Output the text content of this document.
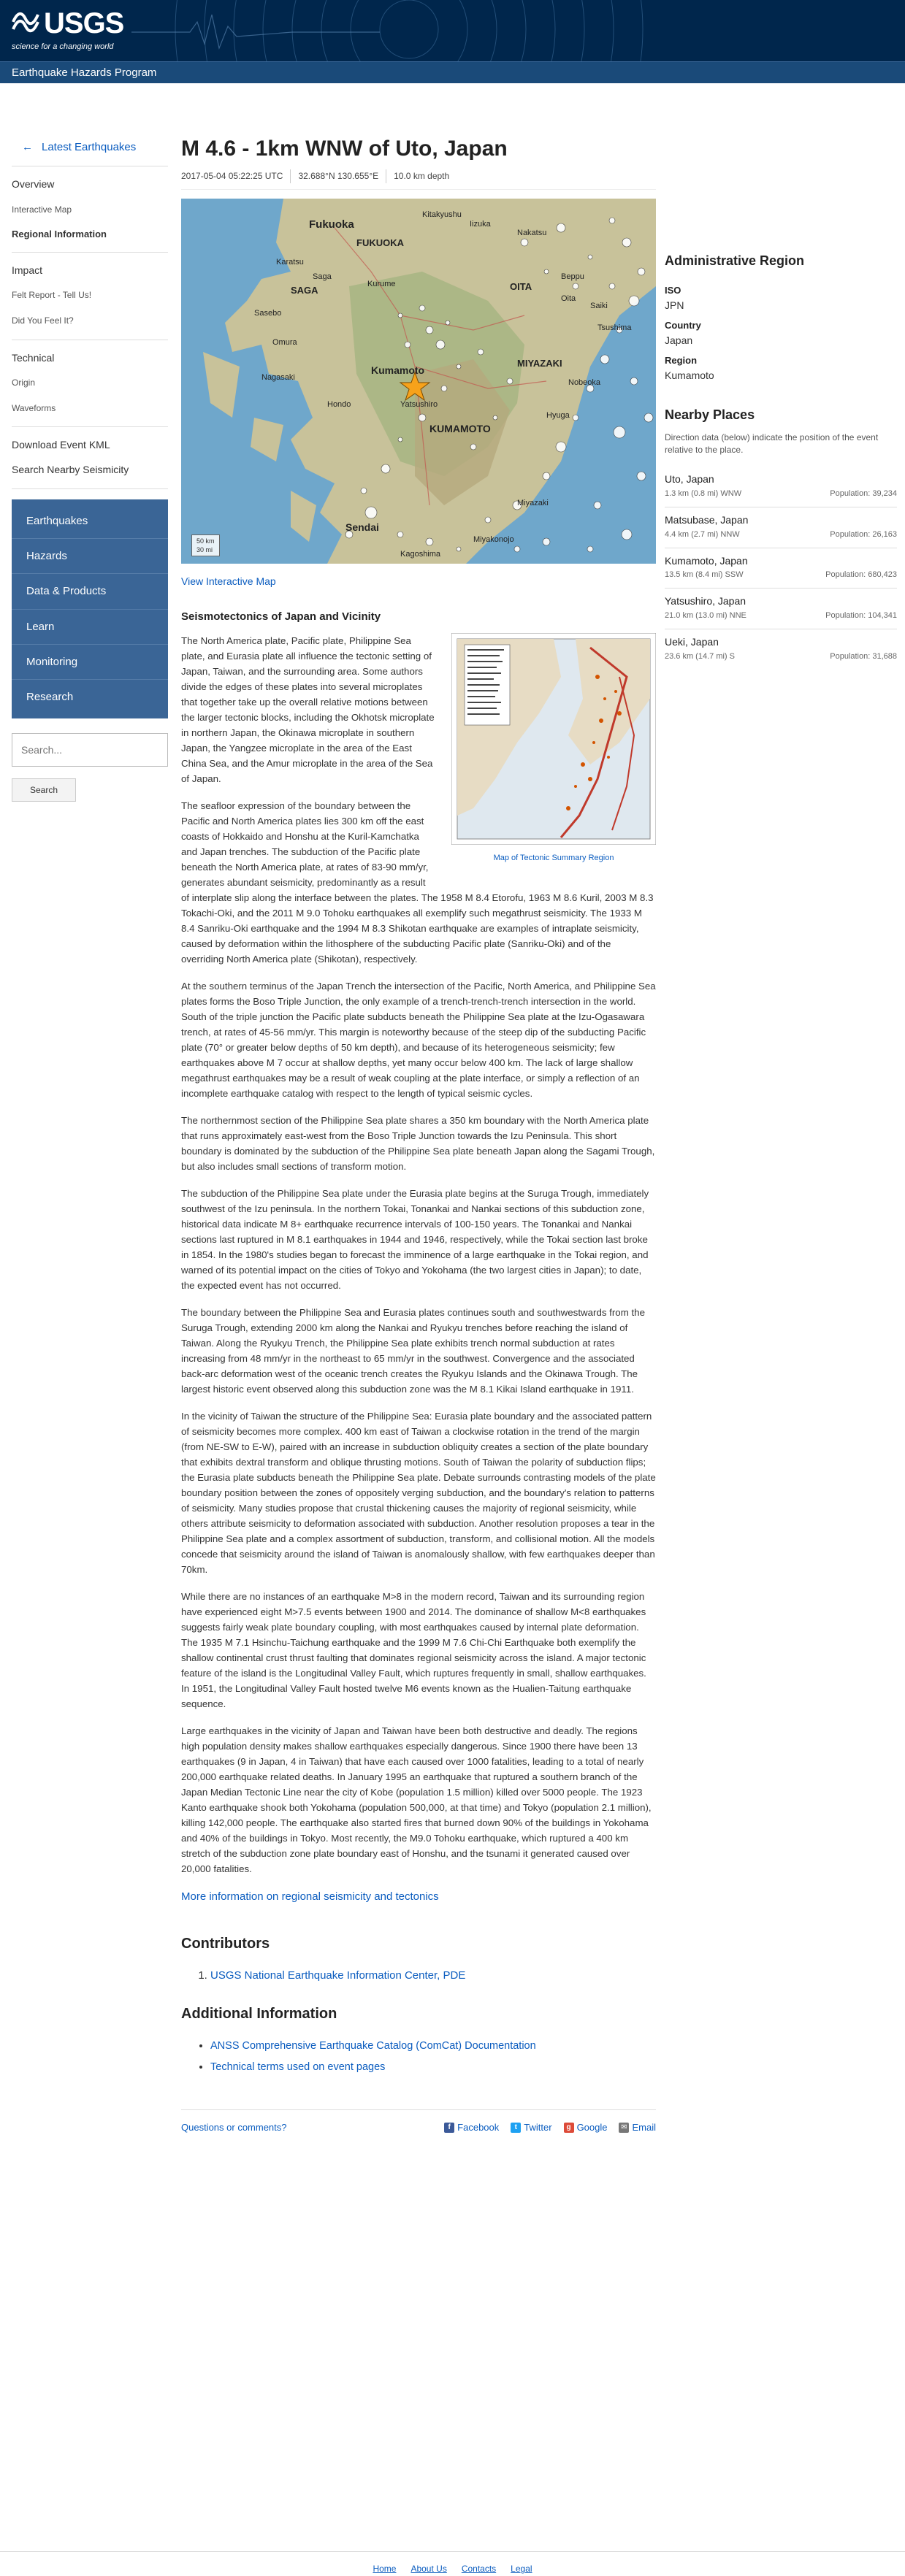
USGS
science for a changing world
Earthquake Hazards Program
← Latest Earthquakes
Overview
Interactive Map
Regional Information
Impact
Felt Report - Tell Us!
Did You Feel It?
Technical
Origin
Waveforms
Download Event KML
Search Nearby Seismicity
Earthquakes
Hazards
Data & Products
Learn
Monitoring
Research
Search... Search
M 4.6 - 1km WNW of Uto, Japan
2017-05-04 05:22:25 UTC	32.688°N 130.655°E	10.0 km depth
Fukuoka
Kitakyushu
Iizuka
Nakatsu
Karatsu
Saga
FUKUOKA
OITA
SAGA
Kurume
Beppu
Oita
Sasebo
Omura
Nagasaki
Kumamoto
KUMAMOTO
MIYAZAKI
Hondo	Yatsushiro
Sendai
Miyazaki
Nobeoka
Tsushima
Kagoshima
Miyakonojo
Saiki
Hyuga
50 km
30 mi
View Interactive Map
Seismotectonics of Japan and Vicinity
Map of Tectonic Summary Region

The North America plate, Pacific plate, Philippine Sea plate, and Eurasia plate all influence the tectonic setting of Japan, Taiwan, and the surrounding area. Some authors divide the edges of these plates into several microplates that together take up the overall relative motions between the larger tectonic blocks, including the Okhotsk microplate in northern Japan, the Okinawa microplate in southern Japan, the Yangzee microplate in the area of the East China Sea, and the Amur microplate in the area of the Sea of Japan.

The seafloor expression of the boundary between the Pacific and North America plates lies 300 km off the east coasts of Hokkaido and Honshu at the Kuril-Kamchatka and Japan trenches. The subduction of the Pacific plate beneath the North America plate, at rates of 83-90 mm/yr, generates abundant seismicity, predominantly as a result of interplate slip along the interface between the plates. The 1958 M 8.4 Etorofu, 1963 M 8.6 Kuril, 2003 M 8.3 Tokachi-Oki, and the 2011 M 9.0 Tohoku earthquakes all exemplify such megathrust seismicity. The 1933 M 8.4 Sanriku-Oki earthquake and the 1994 M 8.3 Shikotan earthquake are examples of intraplate seismicity, caused by deformation within the lithosphere of the subducting Pacific plate (Sanriku-Oki) and of the overriding North America plate (Shikotan), respectively.

At the southern terminus of the Japan Trench the intersection of the Pacific, North America, and Philippine Sea plates forms the Boso Triple Junction, the only example of a trench-trench-trench intersection in the world. South of the triple junction the Pacific plate subducts beneath the Philippine Sea plate at the Izu-Ogasawara trench, at rates of 45-56 mm/yr. This margin is noteworthy because of the steep dip of the subducting Pacific plate (70° or greater below depths of 50 km depth), and because of its heterogeneous seismicity; few earthquakes above M 7 occur at shallow depths, yet many occur below 400 km. The lack of large shallow megathrust earthquakes may be a result of weak coupling at the plate interface, or simply a reflection of an incomplete earthquake catalog with respect to the length of typical seismic cycles.

The northernmost section of the Philippine Sea plate shares a 350 km boundary with the North America plate that runs approximately east-west from the Boso Triple Junction towards the Izu Peninsula. This short boundary is dominated by the subduction of the Philippine Sea plate beneath Japan along the Sagami Trough, but also includes small sections of transform motion.

The subduction of the Philippine Sea plate under the Eurasia plate begins at the Suruga Trough, immediately southwest of the Izu peninsula. In the northern Tokai, Tonankai and Nankai sections of this subduction zone, historical data indicate M 8+ earthquake recurrence intervals of 100-150 years. The Tonankai and Nankai sections last ruptured in M 8.1 earthquakes in 1944 and 1946, respectively, while the Tokai section last broke in 1854. In the 1980's studies began to forecast the imminence of a large earthquake in the Tokai region, and warned of its potential impact on the cities of Tokyo and Yokohama (the two largest cities in Japan); to date, the expected event has not occurred.

The boundary between the Philippine Sea and Eurasia plates continues south and southwestwards from the Suruga Trough, extending 2000 km along the Nankai and Ryukyu trenches before reaching the island of Taiwan. Along the Ryukyu Trench, the Philippine Sea plate exhibits trench normal subduction at rates increasing from 48 mm/yr in the northeast to 65 mm/yr in the southwest. Convergence and the associated back-arc deformation west of the oceanic trench creates the Ryukyu Islands and the Okinawa Trough. The largest historic event observed along this subduction zone was the M 8.1 Kikai Island earthquake in 1911.

In the vicinity of Taiwan the structure of the Philippine Sea: Eurasia plate boundary and the associated pattern of seismicity becomes more complex. 400 km east of Taiwan a clockwise rotation in the trend of the margin (from NE-SW to E-W), paired with an increase in subduction obliquity creates a section of the plate boundary that exhibits dextral transform and oblique thrusting motions. South of Taiwan the polarity of subduction flips; the Eurasia plate subducts beneath the Philippine Sea plate. Debate surrounds contrasting models of the plate boundary position between the zones of oppositely verging subduction, and the boundary's relation to patterns of seismicity. Many studies propose that crustal thickening causes the majority of regional seismicity, while others attribute seismicity to deformation associated with subduction. Another resolution proposes a tear in the Philippine Sea plate and a complex assortment of subduction, transform, and collisional motion. All the models concede that seismicity around the island of Taiwan is anomalously shallow, with few earthquakes deeper than 70km.

While there are no instances of an earthquake M>8 in the modern record, Taiwan and its surrounding region have experienced eight M>7.5 events between 1900 and 2014. The dominance of shallow M<8 earthquakes suggests fairly weak plate boundary coupling, with most earthquakes caused by internal plate deformation. The 1935 M 7.1 Hsinchu-Taichung earthquake and the 1999 M 7.6 Chi-Chi Earthquake both exemplify the shallow continental crust thrust faulting that dominates regional seismicity across the island. A major tectonic feature of the island is the Longitudinal Valley Fault, which ruptures frequently in small, shallow earthquakes. In 1951, the Longitudinal Valley Fault hosted twelve M6 events known as the Hualien-Taitung earthquake sequence.

Large earthquakes in the vicinity of Japan and Taiwan have been both destructive and deadly. The regions high population density makes shallow earthquakes especially dangerous. Since 1900 there have been 13 earthquakes (9 in Japan, 4 in Taiwan) that have each caused over 1000 fatalities, leading to a total of nearly 200,000 earthquake related deaths. In January 1995 an earthquake that ruptured a southern branch of the Japan Median Tectonic Line near the city of Kobe (population 1.5 million) killed over 5000 people. The 1923 Kanto earthquake shook both Yokohama (population 500,000, at that time) and Tokyo (population 2.1 million), killing 142,000 people. The earthquake also started fires that burned down 90% of the buildings in Yokohama and 40% of the buildings in Tokyo. Most recently, the M9.0 Tohoku earthquake, which ruptured a 400 km stretch of the subduction zone plate boundary east of Honshu, and the tsunami it generated caused over 20,000 fatalities.

More information on regional seismicity and tectonics
Contributors
1. USGS National Earthquake Information Center, PDE
Additional Information
• ANSS Comprehensive Earthquake Catalog (ComCat) Documentation
• Technical terms used on event pages
Questions or comments?	f Facebook	t Twitter	g Google ✉ Email
Administrative Region
ISO
JPN
Country
Japan
Region
Kumamoto
Nearby Places
Direction data (below) indicate the position of the event relative to the place.
Uto, Japan
1.3 km (0.8 mi) WNW	Population: 39,234
Matsubase, Japan
4.4 km (2.7 mi) NNW	Population: 26,163
Kumamoto, Japan
13.5 km (8.4 mi) SSW	Population: 680,423
Yatsushiro, Japan
21.0 km (13.0 mi) NNE	Population: 104,341
Ueki, Japan
23.6 km (14.7 mi) S	Population: 31,688
Home About Us Contacts Legal
